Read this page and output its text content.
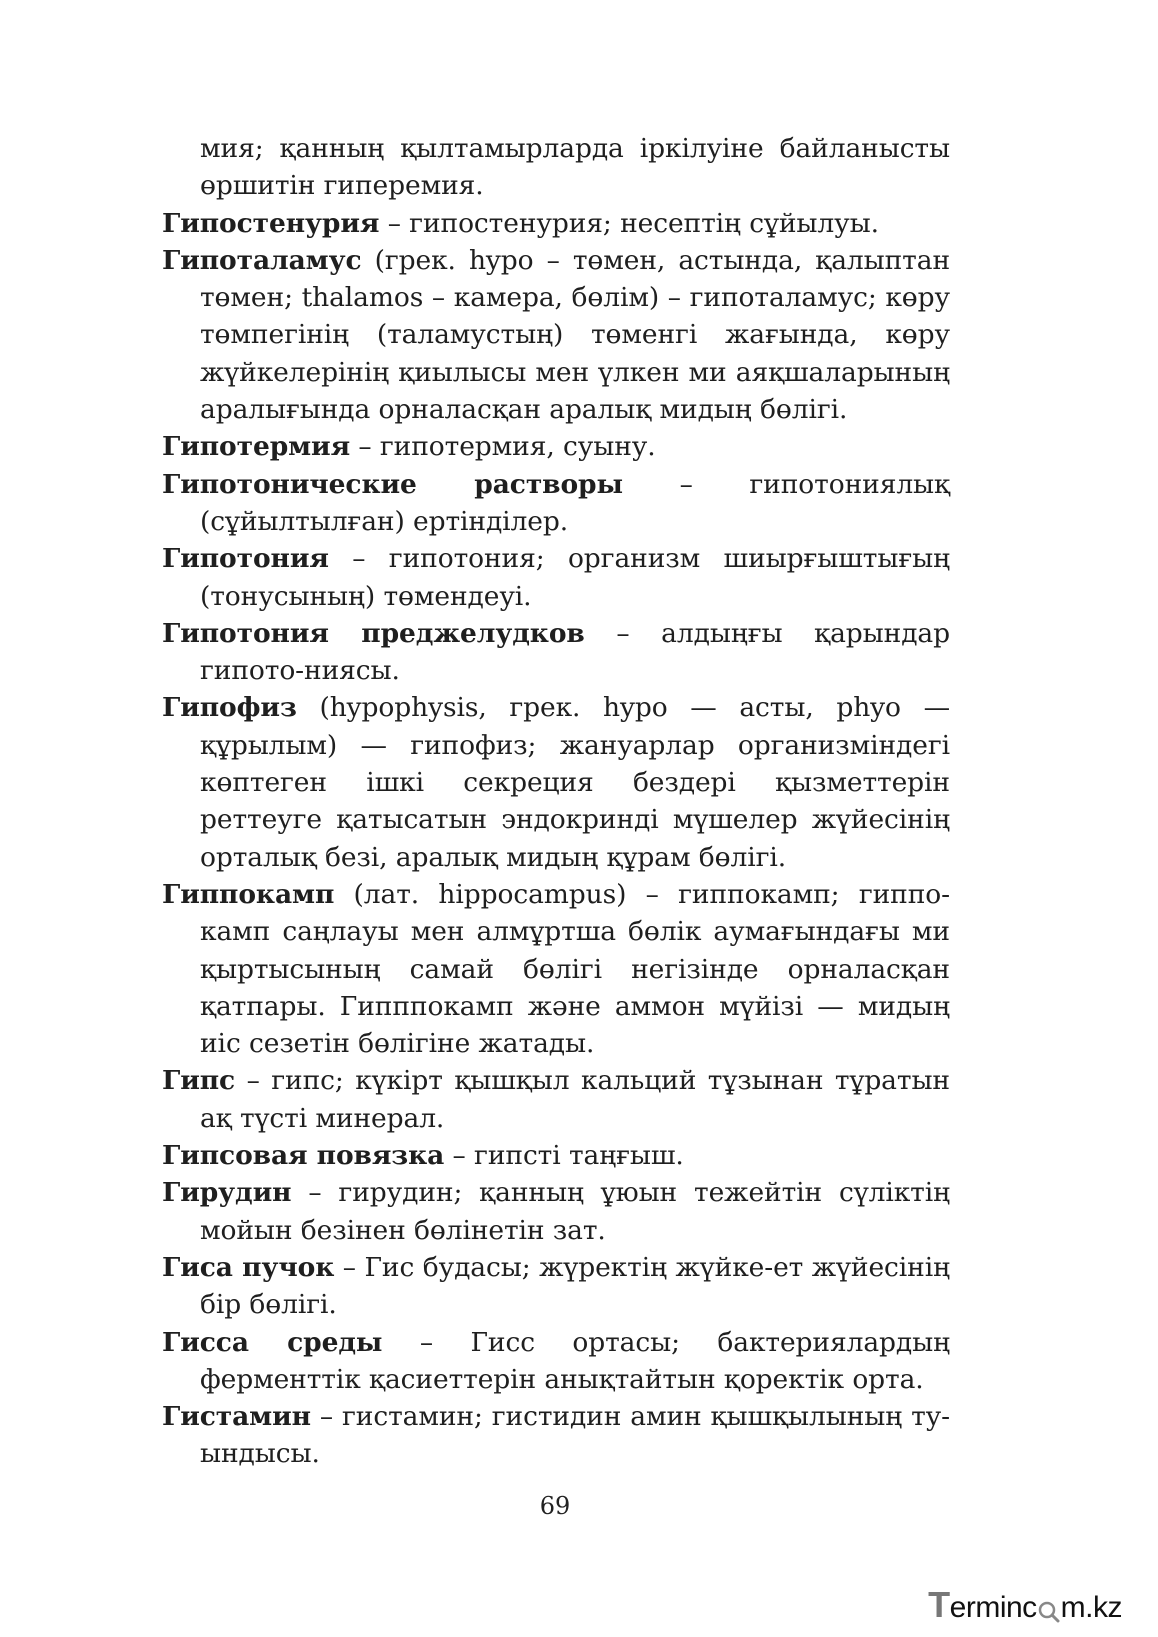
мия; қанның қылтамырларда іркілуіне байланысты өршитін гиперемия.
Гипостенурия – гипостенурия; несептің сұйылуы.
Гипоталамус (грек. hypo – төмен, астында, қалыптан төмен; thalamos – камера, бөлім) – гипоталамус; көру төмпегінің (таламустың) төменгі жағында, көру жүйкелерінің қиылысы мен үлкен ми аяқшаларының аралығында орналасқан аралық мидың бөлігі.
Гипотермия – гипотермия, суыну.
Гипотонические растворы – гипотониялық (сұйылтылған) ертінділер.
Гипотония – гипотония; организм шиырғыштығың (тонусының) төмендеуі.
Гипотония преджелудков – алдыңғы қарындар гипото-ниясы.
Гипофиз (hypophysis, грек. hypo — асты, phyo — құрылым) — гипофиз; жануарлар организміндегі көптеген ішкі секреция бездері қызметтерін реттеуге қатысатын эндокринді мүшелер жүйесінің орталық безі, аралық мидың құрам бөлігі.
Гиппокамп (лат. hippocampus) – гиппокамп; гиппо-камп саңлауы мен алмұртша бөлік аумағындағы ми қыртысының самай бөлігі негізінде орналасқан қатпары. Гипппокамп және аммон мүйізі — мидың иіс сезетін бөлігіне жатады.
Гипс – гипс; күкірт қышқыл кальций тұзынан тұратын ақ түсті минерал.
Гипсовая повязка – гипсті таңғыш.
Гирудин – гирудин; қанның ұюын тежейтін сүліктің мойын безінен бөлінетін зат.
Гиса пучок – Гис будасы; жүректің жүйке-ет жүйесінің бір бөлігі.
Гисса среды – Гисс ортасы; бактериялардың ферменттік қасиеттерін анықтайтын қоректік орта.
Гистамин – гистамин; гистидин амин қышқылының ту-ындысы.
69
T erminc m.kz
